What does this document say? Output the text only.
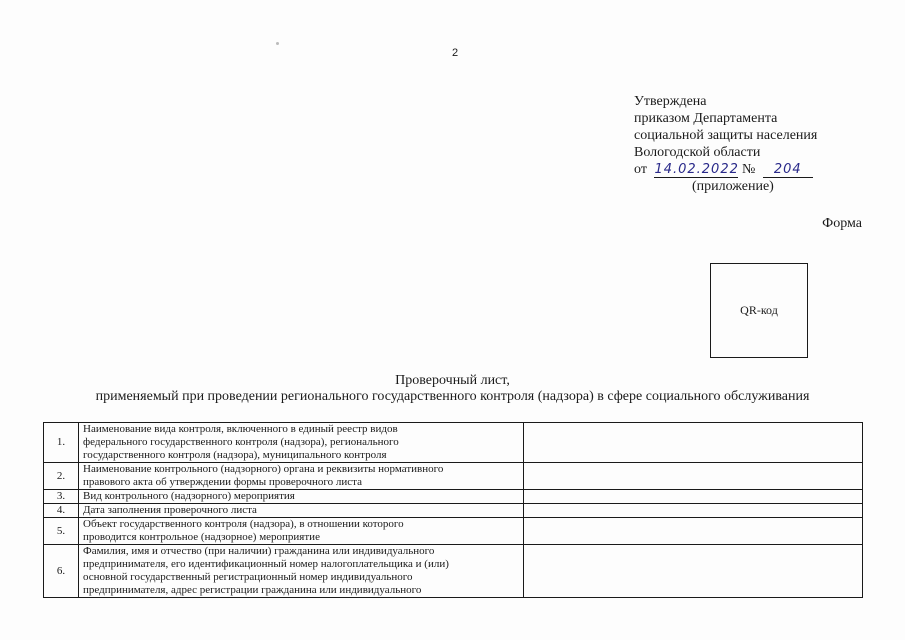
2
Утверждена
приказом Департамента
социальной защиты населения
Вологодской области
от 14.02.2022 № 204
(приложение)
Форма
QR-код
Проверочный лист,
применяемый при проведении регионального государственного контроля (надзора) в сфере социального обслуживания
1.	Наименование вида контроля, включенного в единый реестр видов
федерального государственного контроля (надзора), регионального
государственного контроля (надзора), муниципального контроля	

2.	Наименование контрольного (надзорного) органа и реквизиты нормативного
правового акта об утверждении формы проверочного листа	

3.	Вид контрольного (надзорного) мероприятия	

4.	Дата заполнения проверочного листа	

5.	Объект государственного контроля (надзора), в отношении которого
проводится контрольное (надзорное) мероприятие	

6.	Фамилия, имя и отчество (при наличии) гражданина или индивидуального
предпринимателя, его идентификационный номер налогоплательщика и (или)
основной государственный регистрационный номер индивидуального
предпринимателя, адрес регистрации гражданина или индивидуального	
